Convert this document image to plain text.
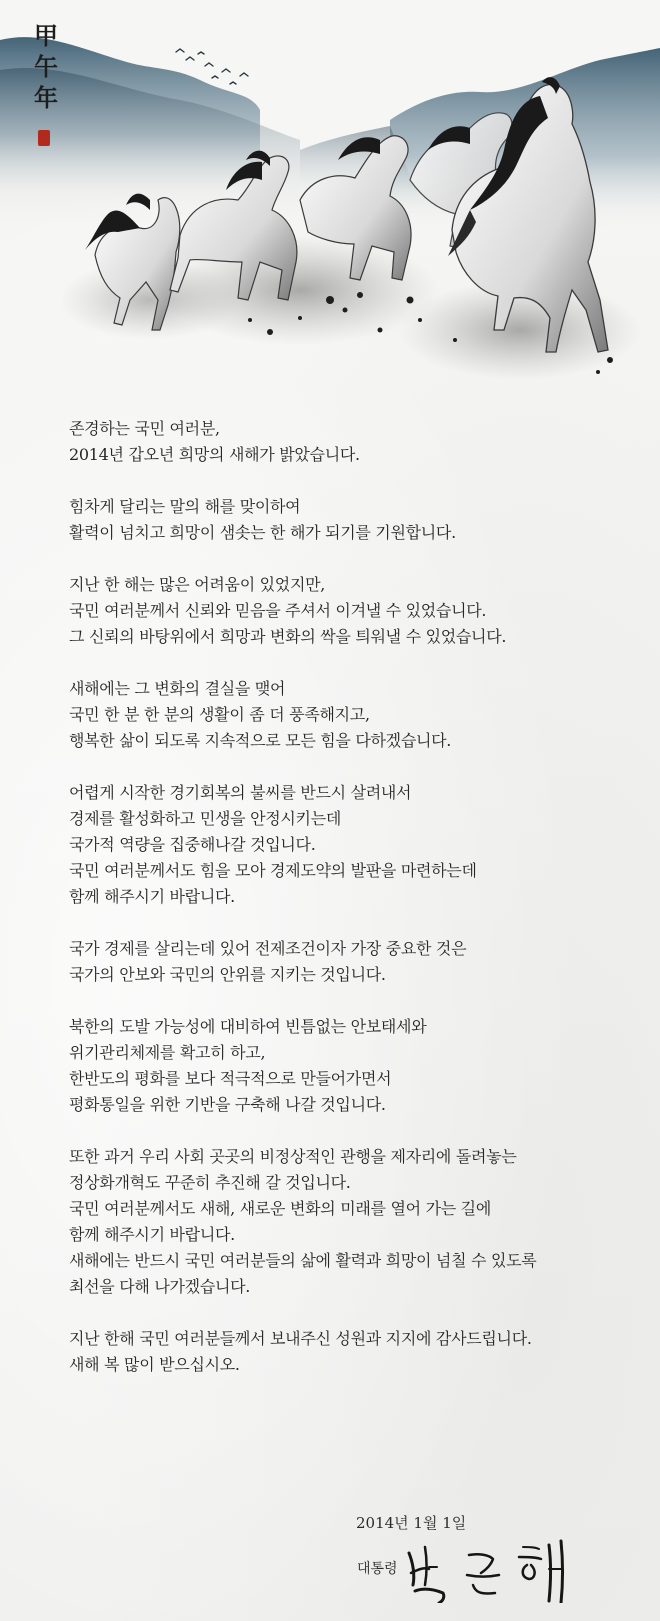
甲
午
年
존경하는 국민 여러분,
2014년 갑오년 희망의 새해가 밝았습니다.
힘차게 달리는 말의 해를 맞이하여
활력이 넘치고 희망이 샘솟는 한 해가 되기를 기원합니다.
지난 한 해는 많은 어려움이 있었지만,
국민 여러분께서 신뢰와 믿음을 주셔서 이겨낼 수 있었습니다.
그 신뢰의 바탕위에서 희망과 변화의 싹을 틔워낼 수 있었습니다.
새해에는 그 변화의 결실을 맺어
국민 한 분 한 분의 생활이 좀 더 풍족해지고,
행복한 삶이 되도록 지속적으로 모든 힘을 다하겠습니다.
어렵게 시작한 경기회복의 불씨를 반드시 살려내서
경제를 활성화하고 민생을 안정시키는데
국가적 역량을 집중해나갈 것입니다.
국민 여러분께서도 힘을 모아 경제도약의 발판을 마련하는데
함께 해주시기 바랍니다.
국가 경제를 살리는데 있어 전제조건이자 가장 중요한 것은
국가의 안보와 국민의 안위를 지키는 것입니다.
북한의 도발 가능성에 대비하여 빈틈없는 안보태세와
위기관리체제를 확고히 하고,
한반도의 평화를 보다 적극적으로 만들어가면서
평화통일을 위한 기반을 구축해 나갈 것입니다.
또한 과거 우리 사회 곳곳의 비정상적인 관행을 제자리에 돌려놓는
정상화개혁도 꾸준히 추진해 갈 것입니다.
국민 여러분께서도 새해, 새로운 변화의 미래를 열어 가는 길에
함께 해주시기 바랍니다.
새해에는 반드시 국민 여러분들의 삶에 활력과 희망이 넘칠 수 있도록
최선을 다해 나가겠습니다.
지난 한해 국민 여러분들께서 보내주신 성원과 지지에 감사드립니다.
새해 복 많이 받으십시오.
2014년 1월 1일
대통령
